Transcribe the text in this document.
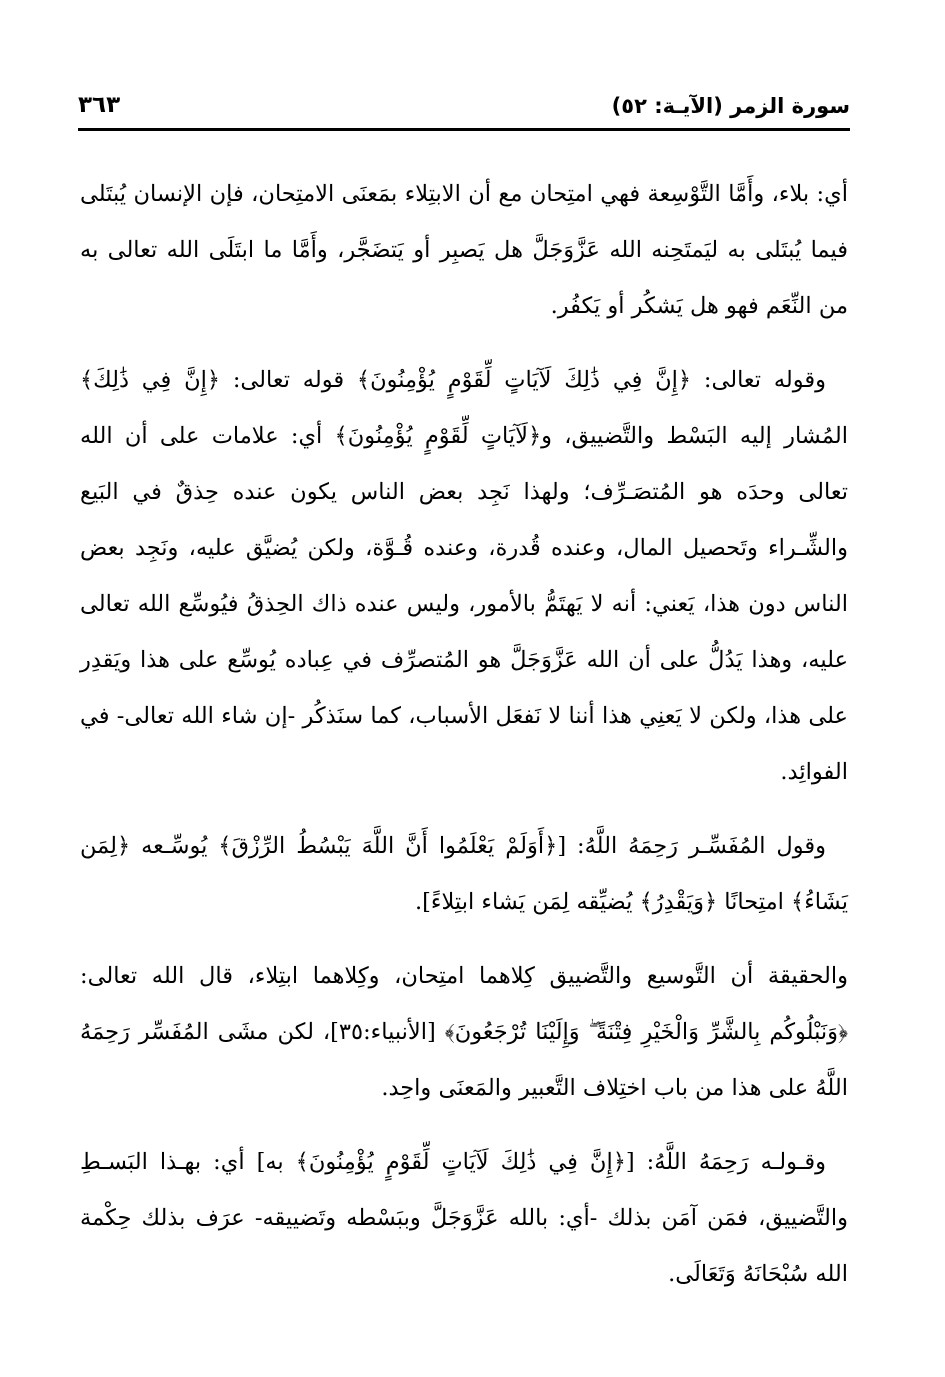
سورة الزمر (الآيـة: ٥٢)
٣٦٣

أي: بلاء، وأَمَّا التَّوْسِعة فهي امتِحان مع أن الابتِلاء بمَعنَى الامتِحان، فإن الإنسان يُبتَلى فيما يُبتَلى به ليَمتَحِنه الله عَزَّوَجَلَّ هل يَصبِر أو يَتضَجَّر، وأَمَّا ما ابتَلَى الله تعالى به من النِّعَم فهو هل يَشكُر أو يَكفُر.

وقوله تعالى: ﴿إِنَّ فِي ذَٰلِكَ لَآيَاتٍ لِّقَوْمٍ يُؤْمِنُونَ﴾ قوله تعالى: ﴿إِنَّ فِي ذَٰلِكَ﴾ المُشار إليه البَسْط والتَّضييق، و﴿لَآيَاتٍ لِّقَوْمٍ يُؤْمِنُونَ﴾ أي: علامات على أن الله تعالى وحدَه هو المُتصَـرِّف؛ ولهذا نَجِد بعض الناس يكون عنده حِذقٌ في البَيع والشِّـراء وتَحصيل المال، وعنده قُدرة، وعنده قُـوَّة، ولكن يُضيَّق عليه، ونَجِد بعض الناس دون هذا، يَعني: أنه لا يَهتَمُّ بالأمور، وليس عنده ذاك الحِذقُ فيُوسِّع الله تعالى عليه، وهذا يَدُلُّ على أن الله عَزَّوَجَلَّ هو المُتصرِّف في عِباده يُوسِّع على هذا ويَقدِر على هذا، ولكن لا يَعنِي هذا أننا لا نَفعَل الأسباب، كما سنَذكُر -إن شاء الله تعالى- في الفوائِد.

وقول المُفَسِّـر رَحِمَهُ اللَّهُ: [﴿أَوَلَمْ يَعْلَمُوا أَنَّ اللَّهَ يَبْسُطُ الرِّزْقَ﴾ يُوسِّـعه ﴿لِمَن يَشَاءُ﴾ امتِحانًا ﴿وَيَقْدِرُ﴾ يُضيِّقه لِمَن يَشاء ابتِلاءً].

والحقيقة أن التَّوسيع والتَّضييق كِلاهما امتِحان، وكِلاهما ابتِلاء، قال الله تعالى: ﴿وَنَبْلُوكُم بِالشَّرِّ وَالْخَيْرِ فِتْنَةً ۖ وَإِلَيْنَا تُرْجَعُونَ﴾ [الأنبياء:٣٥]، لكن مشَى المُفَسِّر رَحِمَهُ اللَّهُ على هذا من باب اختِلاف التَّعبير والمَعنَى واحِد.

وقـولـه رَحِمَهُ اللَّهُ: [﴿إِنَّ فِي ذَٰلِكَ لَآيَاتٍ لِّقَوْمٍ يُؤْمِنُونَ﴾ به] أي: بهـذا البَسـطِ والتَّضييق، فمَن آمَن بذلك -أي: بالله عَزَّوَجَلَّ وببَسْطه وتَضييقه- عرَف بذلك حِكْمة الله سُبْحَانَهُ وَتَعَالَى.
